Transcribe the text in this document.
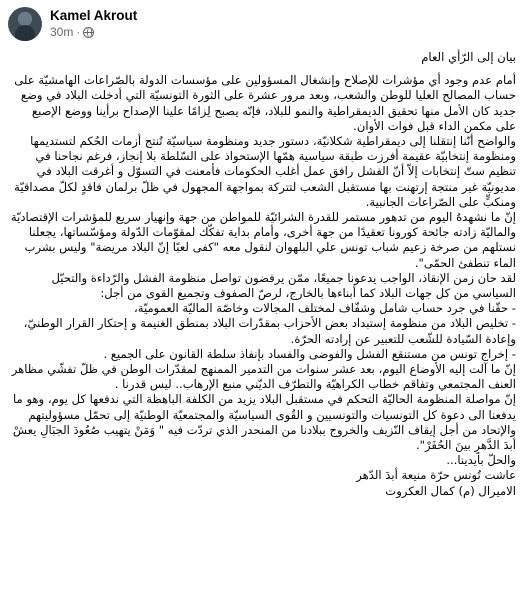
Kamel Akrout
30m ·

بيان إلى الرّأي العام

أمام عدم وجود أي مؤشرات للإصلاح وإنشغال المسؤولين على مؤسسات الدولة بالصّراعات الهامشيّة على حساب المصالح العليا للوطن والشعب، وبعد مرور عشرة على الثورة التونسيّة التي أدخلت البلاد في وضع جديد كان الأمل منها تحقيق الديمقراطية والنمو للبلاد، فإنّه يصبح لِزامًا علينا الإصداح برأينا ووضع الإصبع على مكمن الداء قبل فوات الأوان.

والواضح أنّنا إنتقلنا إلى ديمقراطية شكلانيّة، دستور جديد ومنظومة سياسيّة تُنتج أزمات الحُكم لتستديمها ومنظومة إنتخابيّة عقيمة أفرزت طبقة سياسية همّها الإستحواذ على السّلطة بلا إنجاز، فرغم نجاحنا في تنظيم ستّ إنتخابات إلاّ أنّ الفشل رافق عمل أغلب الحكومات فأمعنت في التسوّل و أغرقت البلاد في مديونيّة غير منتجة إرتهنت بها مستقبل الشعب لتتركة بمواجهة المجهول في ظلّ برلمان فاقدٍ لكلّ مصداقيّة ومنكبٍّ على الصّراعات الجانبية.

إنّ ما نشهدهُ اليوم من تدهور مستمر للقدرة الشرائيّة للمواطن من جهة وإنهيار سريع للمؤشرات الإقتصاديّة والماليّة زادته جائحة كورونا تعقيدًا من جهة أخرى، وأمام بداية تفكّك لمقوّمات الدّولة ومؤسّساتها، يجعلنا نستلهم من صرخة زعيم شباب تونس علي البلهوان لنقول معه "كفى لعبًا إنّ البلاد مريضة" وليس بشرب الماء تنطفئ الحمّى".

لقد حان زمن الإنقاذ، الواجب يدعونا جميعًا، ممّن يرفضون تواصل منظومة الفشل والرّداءة والتحيّل السياسي من كل جهات البلاد كما أبناءها بالخارج، لرصّ الصفوف وتجميع القوى من أجل:

- حقّنا في جرد حساب شامل وشفّاف لمختلف المجالات وخاصّة الماليّة العموميّة،

- تخليص البلاد من منظومة إستبداد بعض الأحزاب بمقدّرات البلاد بمنطق الغنيمة و إحتكار القرار الوطنيّ، وإعادة السّيادة للشّعب للتعبير عن إرادته الحرّة.

- إخراج تونس من مستنقع الفشل والفوضى والفساد بإنفاذ سلطة القانون على الجميع .

إنّ ما آلت إليه الأوضاع اليوم، بعد عشر سنوات من التدمير الممنهج لمقدّرات الوطن في ظلّ تفشّي مظاهر العنف المجتمعي وتفاقم خطاب الكراهيّة والتطرّف الديّني منبع الإرهاب.. ليس قدرنا .

إنّ مواصلة المنظومة الحاليّة التحكم في مستقبل البلاد يزيد من الكلفة الباهظة التي ندفعها كل يوم، وهو ما يدفعنا الى دعوة كل التونسيات والتونسيين و القُوى السياسيّة والمجتمعيّة الوطنيّة إلى تحمّل مسؤوليتهم والإتحاد من أجل إيقاف النّزيف والخروج ببلادنا من المنحدر الذي تردّت فيه " وَمَنْ يتهيب صُعُودَ الجبَالِ يعشْ أبدَ الدَّهرِ بينَ الحُفَرْ".

والحلّ بأيدينا...

عاشت تُونس حرّة منيعة أبدَ الدّهر

الاميرال (م) كمال العكروت
